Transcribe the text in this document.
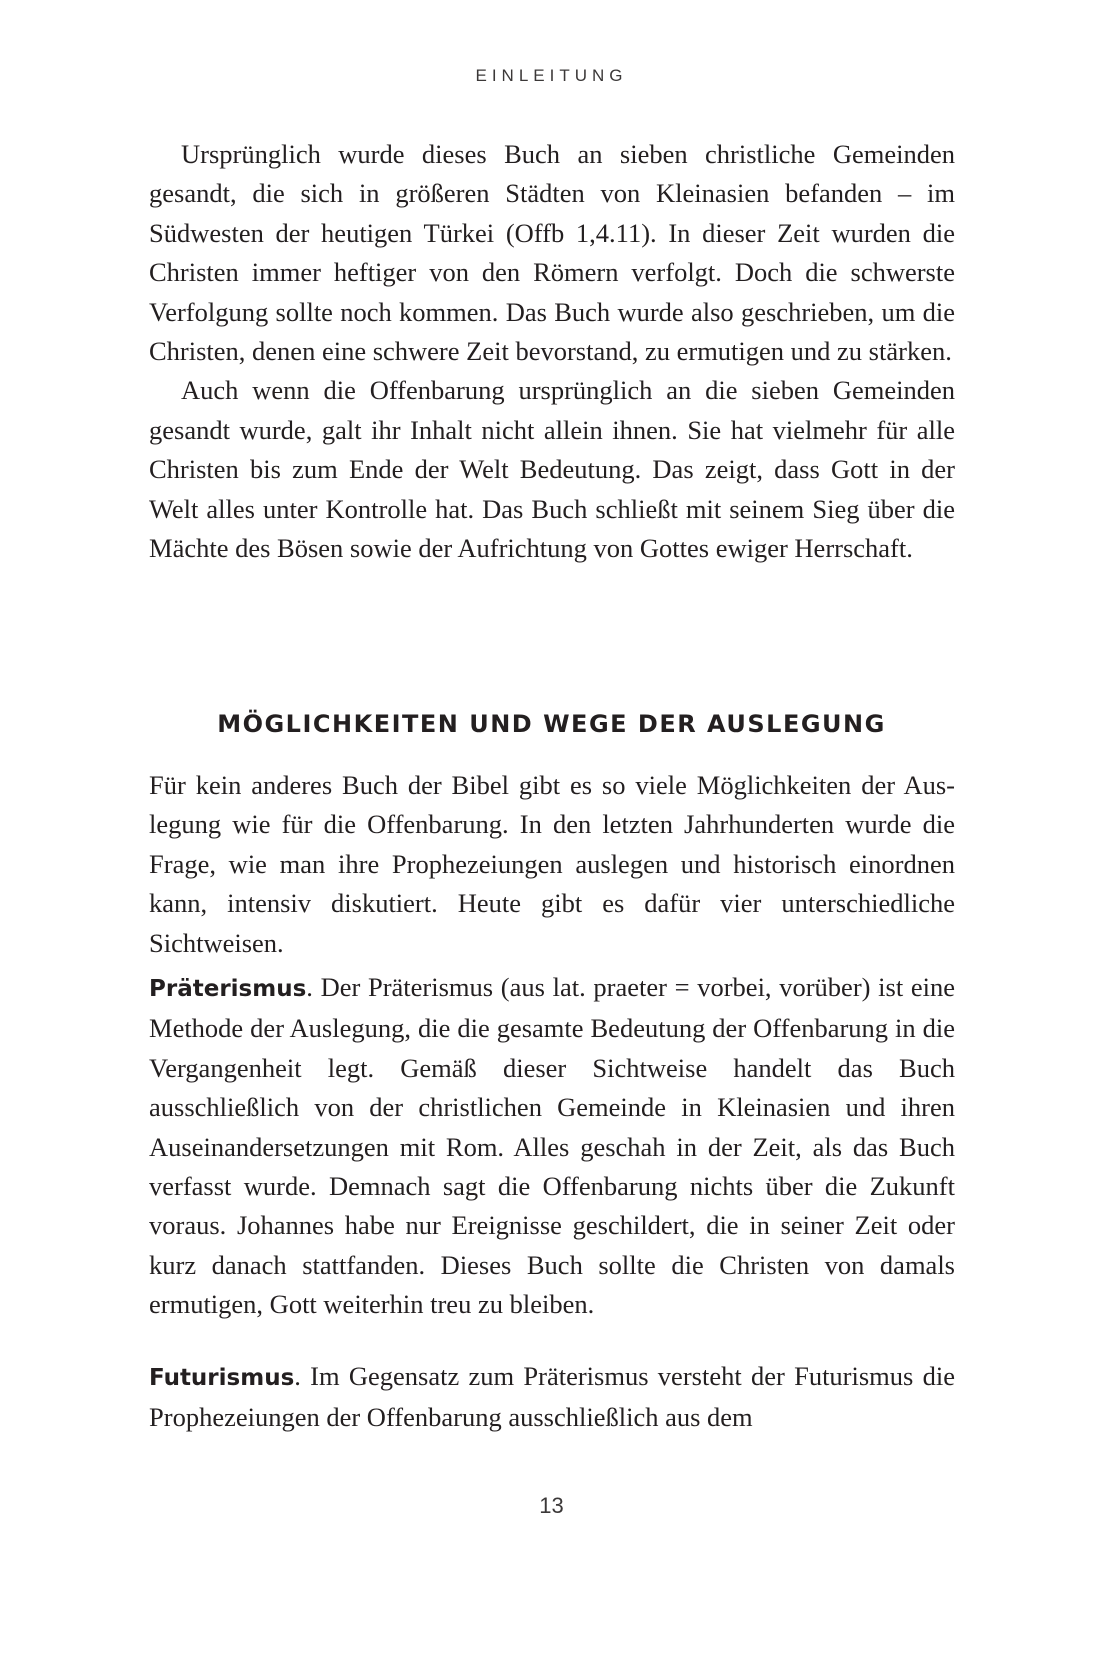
EINLEITUNG

Ursprünglich wurde dieses Buch an sieben christliche Gemeinden gesandt, die sich in größeren Städten von Kleinasien befanden – im Südwesten der heutigen Türkei (Offb 1,4.11). In dieser Zeit wurden die Christen immer heftiger von den Römern verfolgt. Doch die schwerste Verfolgung sollte noch kommen. Das Buch wurde also geschrieben, um die Christen, denen eine schwere Zeit bevorstand, zu ermutigen und zu stärken.

Auch wenn die Offenbarung ursprünglich an die sieben Gemeinden gesandt wurde, galt ihr Inhalt nicht allein ihnen. Sie hat vielmehr für alle Christen bis zum Ende der Welt Bedeutung. Das zeigt, dass Gott in der Welt alles unter Kontrolle hat. Das Buch schließt mit seinem Sieg über die Mächte des Bösen sowie der Aufrichtung von Gottes ewiger Herrschaft.

MÖGLICHKEITEN UND WEGE DER AUSLEGUNG

Für kein anderes Buch der Bibel gibt es so viele Möglichkeiten der Auslegung wie für die Offenbarung. In den letzten Jahrhunderten wurde die Frage, wie man ihre Prophezeiungen auslegen und historisch einordnen kann, intensiv diskutiert. Heute gibt es dafür vier unterschiedliche Sichtweisen.

Präterismus. Der Präterismus (aus lat. praeter = vorbei, vorüber) ist eine Methode der Auslegung, die die gesamte Bedeutung der Offenbarung in die Vergangenheit legt. Gemäß dieser Sichtweise handelt das Buch ausschließlich von der christlichen Gemeinde in Kleinasien und ihren Auseinandersetzungen mit Rom. Alles geschah in der Zeit, als das Buch verfasst wurde. Demnach sagt die Offenbarung nichts über die Zukunft voraus. Johannes habe nur Ereignisse geschildert, die in seiner Zeit oder kurz danach stattfanden. Dieses Buch sollte die Christen von damals ermutigen, Gott weiterhin treu zu bleiben.

Futurismus. Im Gegensatz zum Präterismus versteht der Futurismus die Prophezeiungen der Offenbarung ausschließlich aus dem

13
